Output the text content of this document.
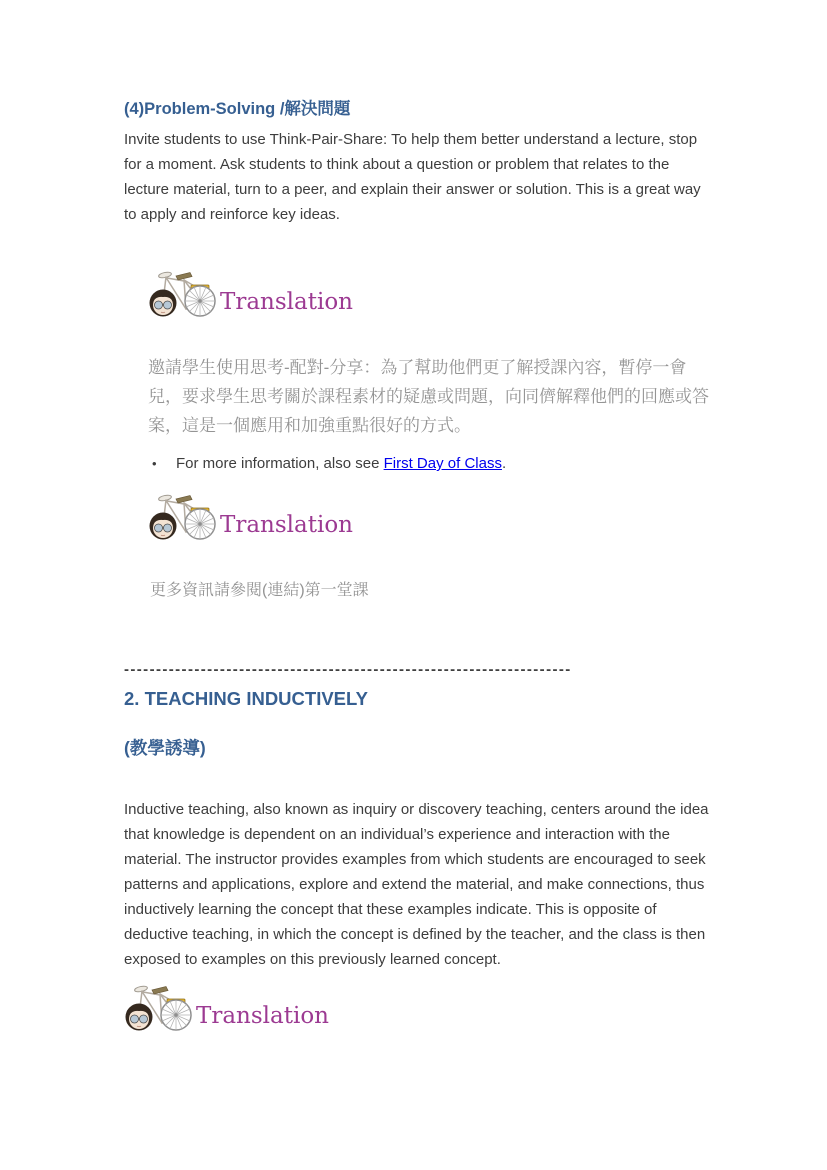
(4)Problem-Solving /解決問題

Invite students to use Think-Pair-Share: To help them better understand a lecture, stop for a moment. Ask students to think about a question or problem that relates to the lecture material, turn to a peer, and explain their answer or solution. This is a great way to apply and reinforce key ideas.

Translation

邀請學生使用思考-配對-分享：為了幫助他們更了解授課內容，暫停一會兒，要求學生思考關於課程素材的疑慮或問題，向同儕解釋他們的回應或答案，這是一個應用和加強重點很好的方式。

•	For more information, also see First Day of Class.
Translation

更多資訊請參閱(連結)第一堂課

----------------------------------------------------------------------
2. TEACHING INDUCTIVELY
(教學誘導)

Inductive teaching, also known as inquiry or discovery teaching, centers around the idea that knowledge is dependent on an individual’s experience and interaction with the material. The instructor provides examples from which students are encouraged to seek patterns and applications, explore and extend the material, and make connections, thus inductively learning the concept that these examples indicate. This is opposite of deductive teaching, in which the concept is defined by the teacher, and the class is then exposed to examples on this previously learned concept.

Translation
